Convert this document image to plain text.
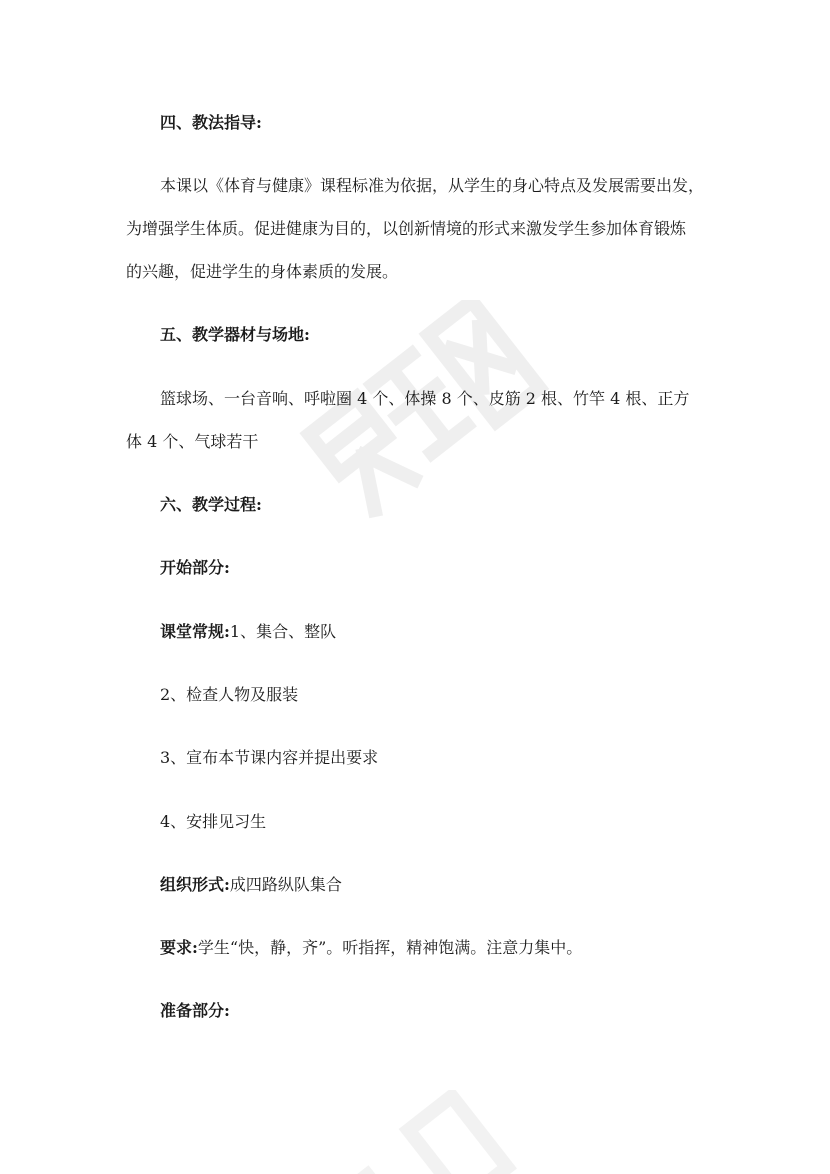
四、教法指导:
本课以《体育与健康》课程标准为依据，从学生的身心特点及发展需要出发，
为增强学生体质。促进健康为目的，以创新情境的形式来激发学生参加体育锻炼
的兴趣，促进学生的身体素质的发展。
五、教学器材与场地:
篮球场、一台音响、呼啦圈 4 个、体操 8 个、皮筋 2 根、竹竿 4 根、正方
体 4 个、气球若干
六、教学过程:
开始部分:
课堂常规:1、集合、整队
2、检查人物及服装
3、宣布本节课内容并提出要求
4、安排见习生
组织形式:成四路纵队集合
要求:学生“快，静，齐”。听指挥，精神饱满。注意力集中。
准备部分:
